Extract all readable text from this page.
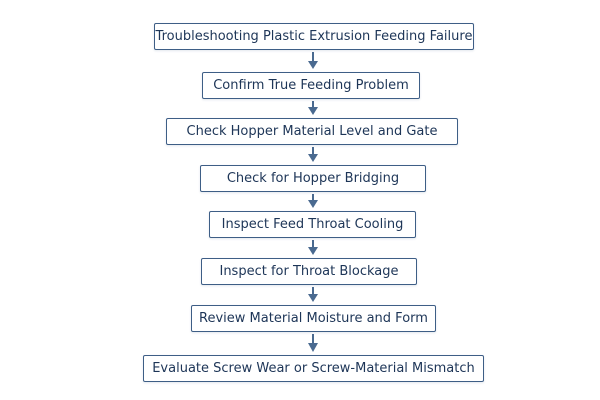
Troubleshooting Plastic Extrusion Feeding Failure
Confirm True Feeding Problem
Check Hopper Material Level and Gate
Check for Hopper Bridging
Inspect Feed Throat Cooling
Inspect for Throat Blockage
Review Material Moisture and Form
Evaluate Screw Wear or Screw-Material Mismatch
